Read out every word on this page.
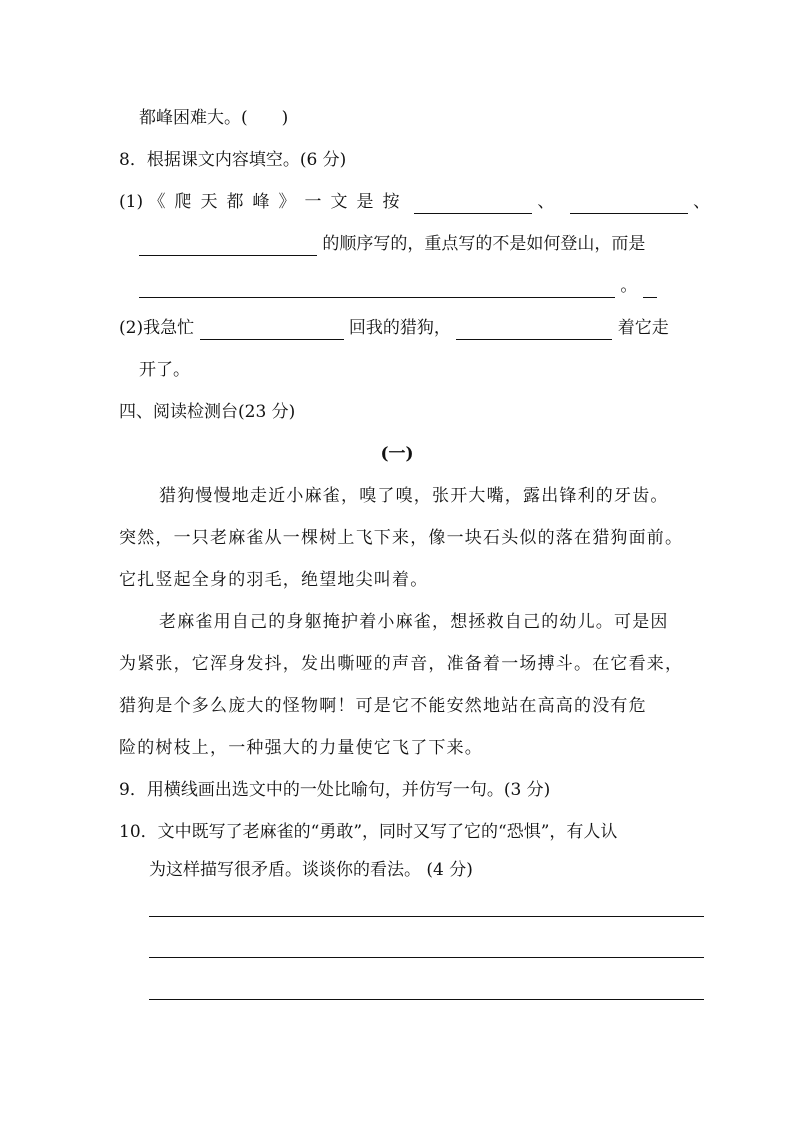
都峰困难大。(　　)
8．根据课文内容填空。(6 分)
(1) 《爬天都峰》一文是按	、	、
的顺序写的，重点写的不是如何登山，而是
。
(2)我急忙	回我的猎狗，	着它走
开了。
四、阅读检测台(23 分)
(一)
猎狗慢慢地走近小麻雀，嗅了嗅，张开大嘴，露出锋利的牙齿。
突然，一只老麻雀从一棵树上飞下来，像一块石头似的落在猎狗面前。
它扎竖起全身的羽毛，绝望地尖叫着。
老麻雀用自己的身躯掩护着小麻雀，想拯救自己的幼儿。可是因
为紧张，它浑身发抖，发出嘶哑的声音，准备着一场搏斗。在它看来，
猎狗是个多么庞大的怪物啊！可是它不能安然地站在高高的没有危
险的树枝上，一种强大的力量使它飞了下来。
9．用横线画出选文中的一处比喻句，并仿写一句。(3 分)
10．文中既写了老麻雀的“勇敢”，同时又写了它的“恐惧”，有人认
为这样描写很矛盾。谈谈你的看法。 (4 分)
